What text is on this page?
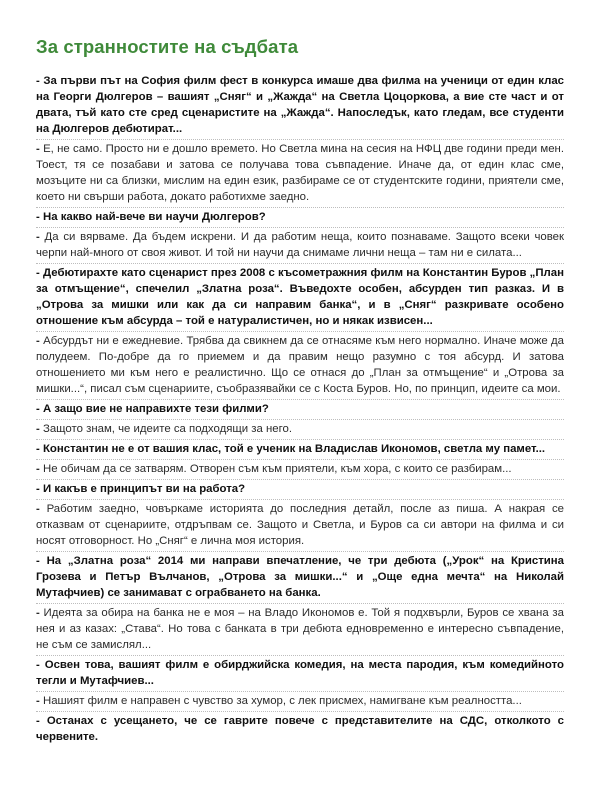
За странностите на съдбата
- За първи път на София филм фест в конкурса имаше два филма на ученици от един клас на Георги Дюлгеров – вашият „Сняг“ и „Жажда“ на Светла Цоцоркова, а вие сте част и от двата, тъй като сте сред сценаристите на „Жажда“. Напоследък, като гледам, все студенти на Дюлгеров дебютират...
- Е, не само. Просто ни е дошло времето. Но Светла мина на сесия на НФЦ две години преди мен. Тоест, тя се позабави и затова се получава това съвпадение. Иначе да, от един клас сме, мозъците ни са близки, мислим на един език, разбираме се от студентските години, приятели сме, което ни свърши работа, докато работихме заедно.
- На какво най-вече ви научи Дюлгеров?
- Да си вярваме. Да бъдем искрени. И да работим неща, които познаваме. Защото всеки човек черпи най-много от своя живот. И той ни научи да снимаме лични неща – там ни е силата...
- Дебютирахте като сценарист през 2008 с късометражния филм на Константин Буров „План за отмъщение“, спечелил „Златна роза“. Въведохте особен, абсурден тип разказ. И в „Отрова за мишки или как да си направим банка“, и в „Сняг“ разкривате особено отношение към абсурда – той е натуралистичен, но и някак извисен...
- Абсурдът ни е ежедневие. Трябва да свикнем да се отнасяме към него нормално. Иначе може да полудеем. По-добре да го приемем и да правим нещо разумно с тоя абсурд. И затова отношението ми към него е реалистично. Що се отнася до „План за отмъщение“ и „Отрова за мишки...“, писал съм сценариите, съобразявайки се с Коста Буров. Но, по принцип, идеите са мои.
- А защо вие не направихте тези филми?
- Защото знам, че идеите са подходящи за него.
- Константин не е от вашия клас, той е ученик на Владислав Икономов, светла му памет...
- Не обичам да се затварям. Отворен съм към приятели, към хора, с които се разбирам...
- И какъв е принципът ви на работа?
- Работим заедно, човъркаме историята до последния детайл, после аз пиша. А накрая се отказвам от сценариите, отдръпвам се. Защото и Светла, и Буров са си автори на филма и си носят отговорност. Но „Сняг“ е лична моя история.
- На „Златна роза“ 2014 ми направи впечатление, че три дебюта („Урок“ на Кристина Грозева и Петър Вълчанов, „Отрова за мишки...“ и „Още една мечта“ на Николай Мутафчиев) се занимават с ограбването на банка.
- Идеята за обира на банка не е моя – на Владо Икономов е. Той я подхвърли, Буров се хвана за нея и аз казах: „Става“. Но това с банката в три дебюта едновременно е интересно съвпадение, не съм се замислял...
- Освен това, вашият филм е обирджийска комедия, на места пародия, към комедийното тегли и Мутафчиев...
- Нашият филм е направен с чувство за хумор, с лек присмех, намигване към реалността...
- Останах с усещането, че се гаврите повече с представителите на СДС, отколкото с червените.
